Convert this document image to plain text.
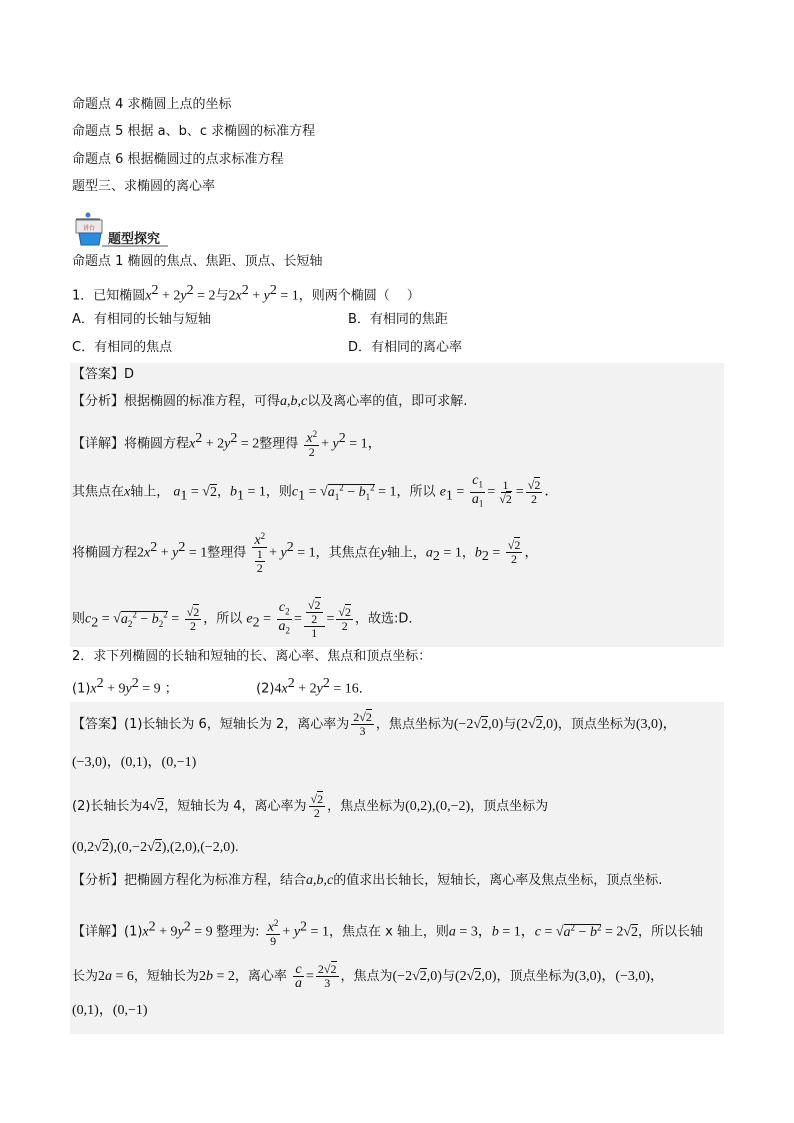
命题点 4 求椭圆上点的坐标
命题点 5 根据 a、b、c 求椭圆的标准方程
命题点 6 根据椭圆过的点求标准方程
题型三、求椭圆的离心率
讲台
题型探究
命题点 1 椭圆的焦点、焦距、顶点、长短轴
1．已知椭圆$x^2 + 2y^2 = 2$与$2x^2 + y^2 = 1$，则两个椭圆（　 ）
A．有相同的长轴与短轴	B．有相同的焦距
C．有相同的焦点	D．有相同的离心率
【答案】D
【分析】根据椭圆的标准方程，可得a,b,c以及离心率的值，即可求解.
【详解】将椭圆方程$x^2 + 2y^2 = 2$整理得 $\frac{x^2}{2} + y^2 = 1$，
其焦点在x轴上， $a_1 = √2$，$b_1 = 1$，则$c_1 = √a_1^2 - b_1^2 = 1$，所以 $e_1 = \frac{c_1}{a_1} = \frac{1}{√2} = \frac{√2}{2}$ ．
将椭圆方程$2x^2 + y^2 = 1$整理得 $\frac{x^2}{\frac{1}{2}} + y^2 = 1$，其焦点在y轴上，$a_2 = 1$，$b_2 = \frac{√2}{2}$ ，
则$c_2 = √a_2^2 - b_2^2 = \frac{√2}{2}$ ，所以 $e_2 = \frac{c_2}{a_2} = \frac{\frac{√2}{2}}{1} = \frac{√2}{2}$ ，故选:D．
2．求下列椭圆的长轴和短轴的长、离心率、焦点和顶点坐标：
$(1)x^2 + 9y^2 = 9$ ；	$(2)4x^2 + 2y^2 = 16$．
【答案】(1)长轴长为 6，短轴长为 2，离心率为 $\frac{2√2}{3}$ ，焦点坐标为(−2√2,0)与(2√2,0)，顶点坐标为(3,0)，
(−3,0)，(0,1)，(0,−1)
(2)长轴长为4√2，短轴长为 4，离心率为 $\frac{√2}{2}$ ，焦点坐标为(0,2),(0,−2)，顶点坐标为
(0,2√2),(0,−2√2),(2,0),(−2,0).
【分析】把椭圆方程化为标准方程，结合a,b,c的值求出长轴长，短轴长，离心率及焦点坐标，顶点坐标.
【详解】$(1)x^2 + 9y^2 = 9$ 整理为: $\frac{x^2}{9} + y^2 = 1$，焦点在 x 轴上，则a = 3，b = 1，$c = √a^2 - b^2 = 2√2$，所以长轴
长为2a = 6，短轴长为2b = 2，离心率 $\frac{c}{a} = \frac{2√2}{3}$ ，焦点为(−2√2,0)与(2√2,0)，顶点坐标为(3,0)，(−3,0)，
(0,1)，(0,−1)
